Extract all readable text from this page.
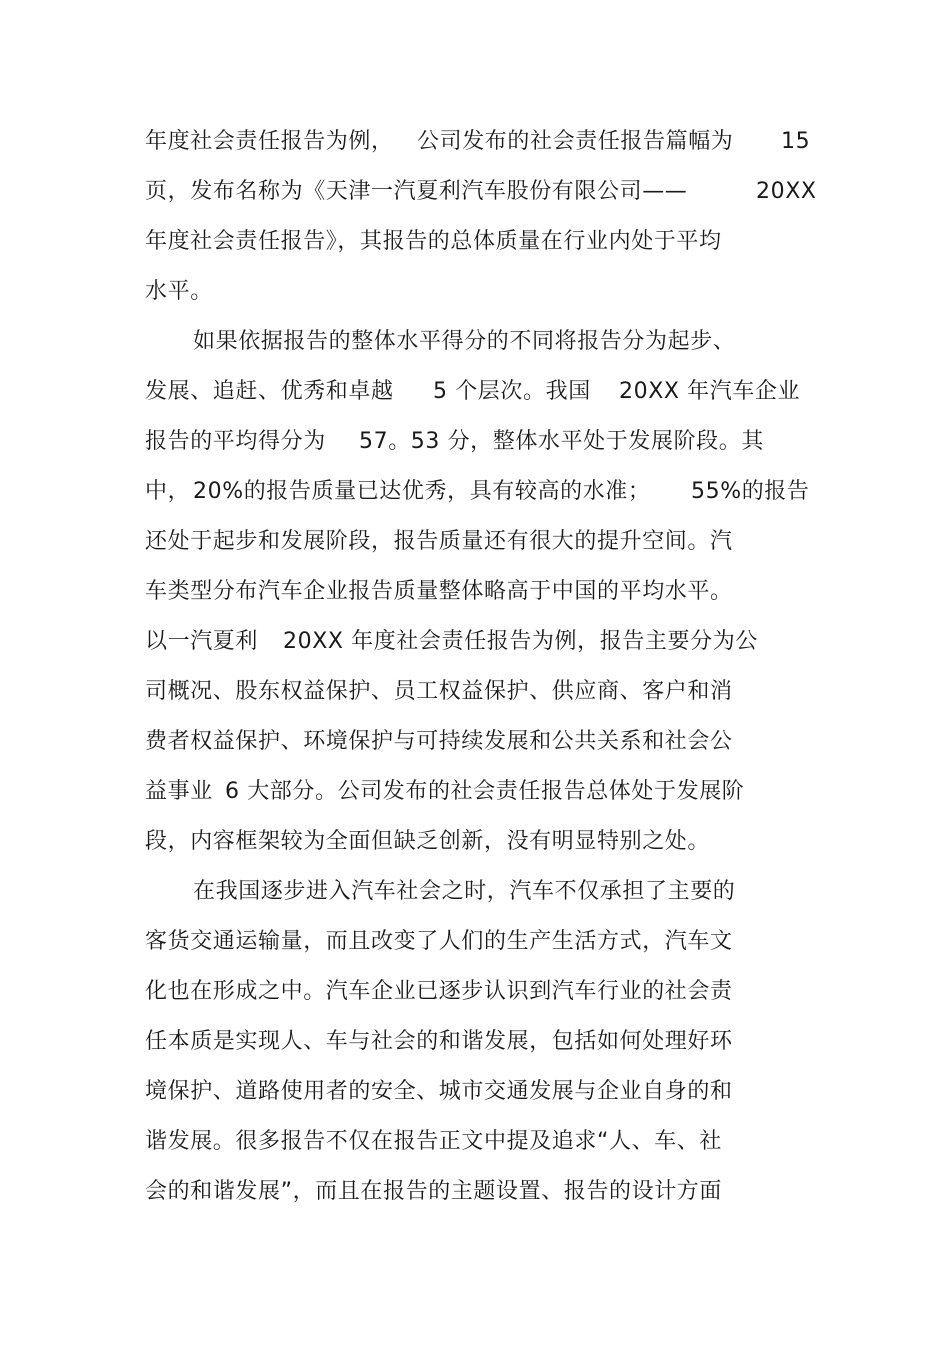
年度社会责任报告为例，

公司发布的社会责任报告篇幅为

15

页，发布名称为《天津一汽夏利汽车股份有限公司——

	20XX

年度社会责任报告》，其报告的总体质量在行业内处于平均

水平。

如果依据报告的整体水平得分的不同将报告分为起步、

发展、追赶、优秀和卓越

5 个层次。我国

20XX 年汽车企业

报告的平均得分为

57。53 分，整体水平处于发展阶段。其

中，

20%的报告质量已达优秀，具有较高的水准；

55%的报告

还处于起步和发展阶段，报告质量还有很大的提升空间。汽

车类型分布汽车企业报告质量整体略高于中国的平均水平。

以一汽夏利

20XX 年度社会责任报告为例，报告主要分为公

司概况、股东权益保护、员工权益保护、供应商、客户和消

费者权益保护、环境保护与可持续发展和公共关系和社会公

益事业

6 大部分。公司发布的社会责任报告总体处于发展阶

段，内容框架较为全面但缺乏创新，没有明显特别之处。

在我国逐步进入汽车社会之时，汽车不仅承担了主要的

客货交通运输量，而且改变了人们的生产生活方式，汽车文

化也在形成之中。汽车企业已逐步认识到汽车行业的社会责

任本质是实现人、车与社会的和谐发展，包括如何处理好环

境保护、道路使用者的安全、城市交通发展与企业自身的和

谐发展。很多报告不仅在报告正文中提及追求“人、车、社

会的和谐发展”，而且在报告的主题设置、报告的设计方面
